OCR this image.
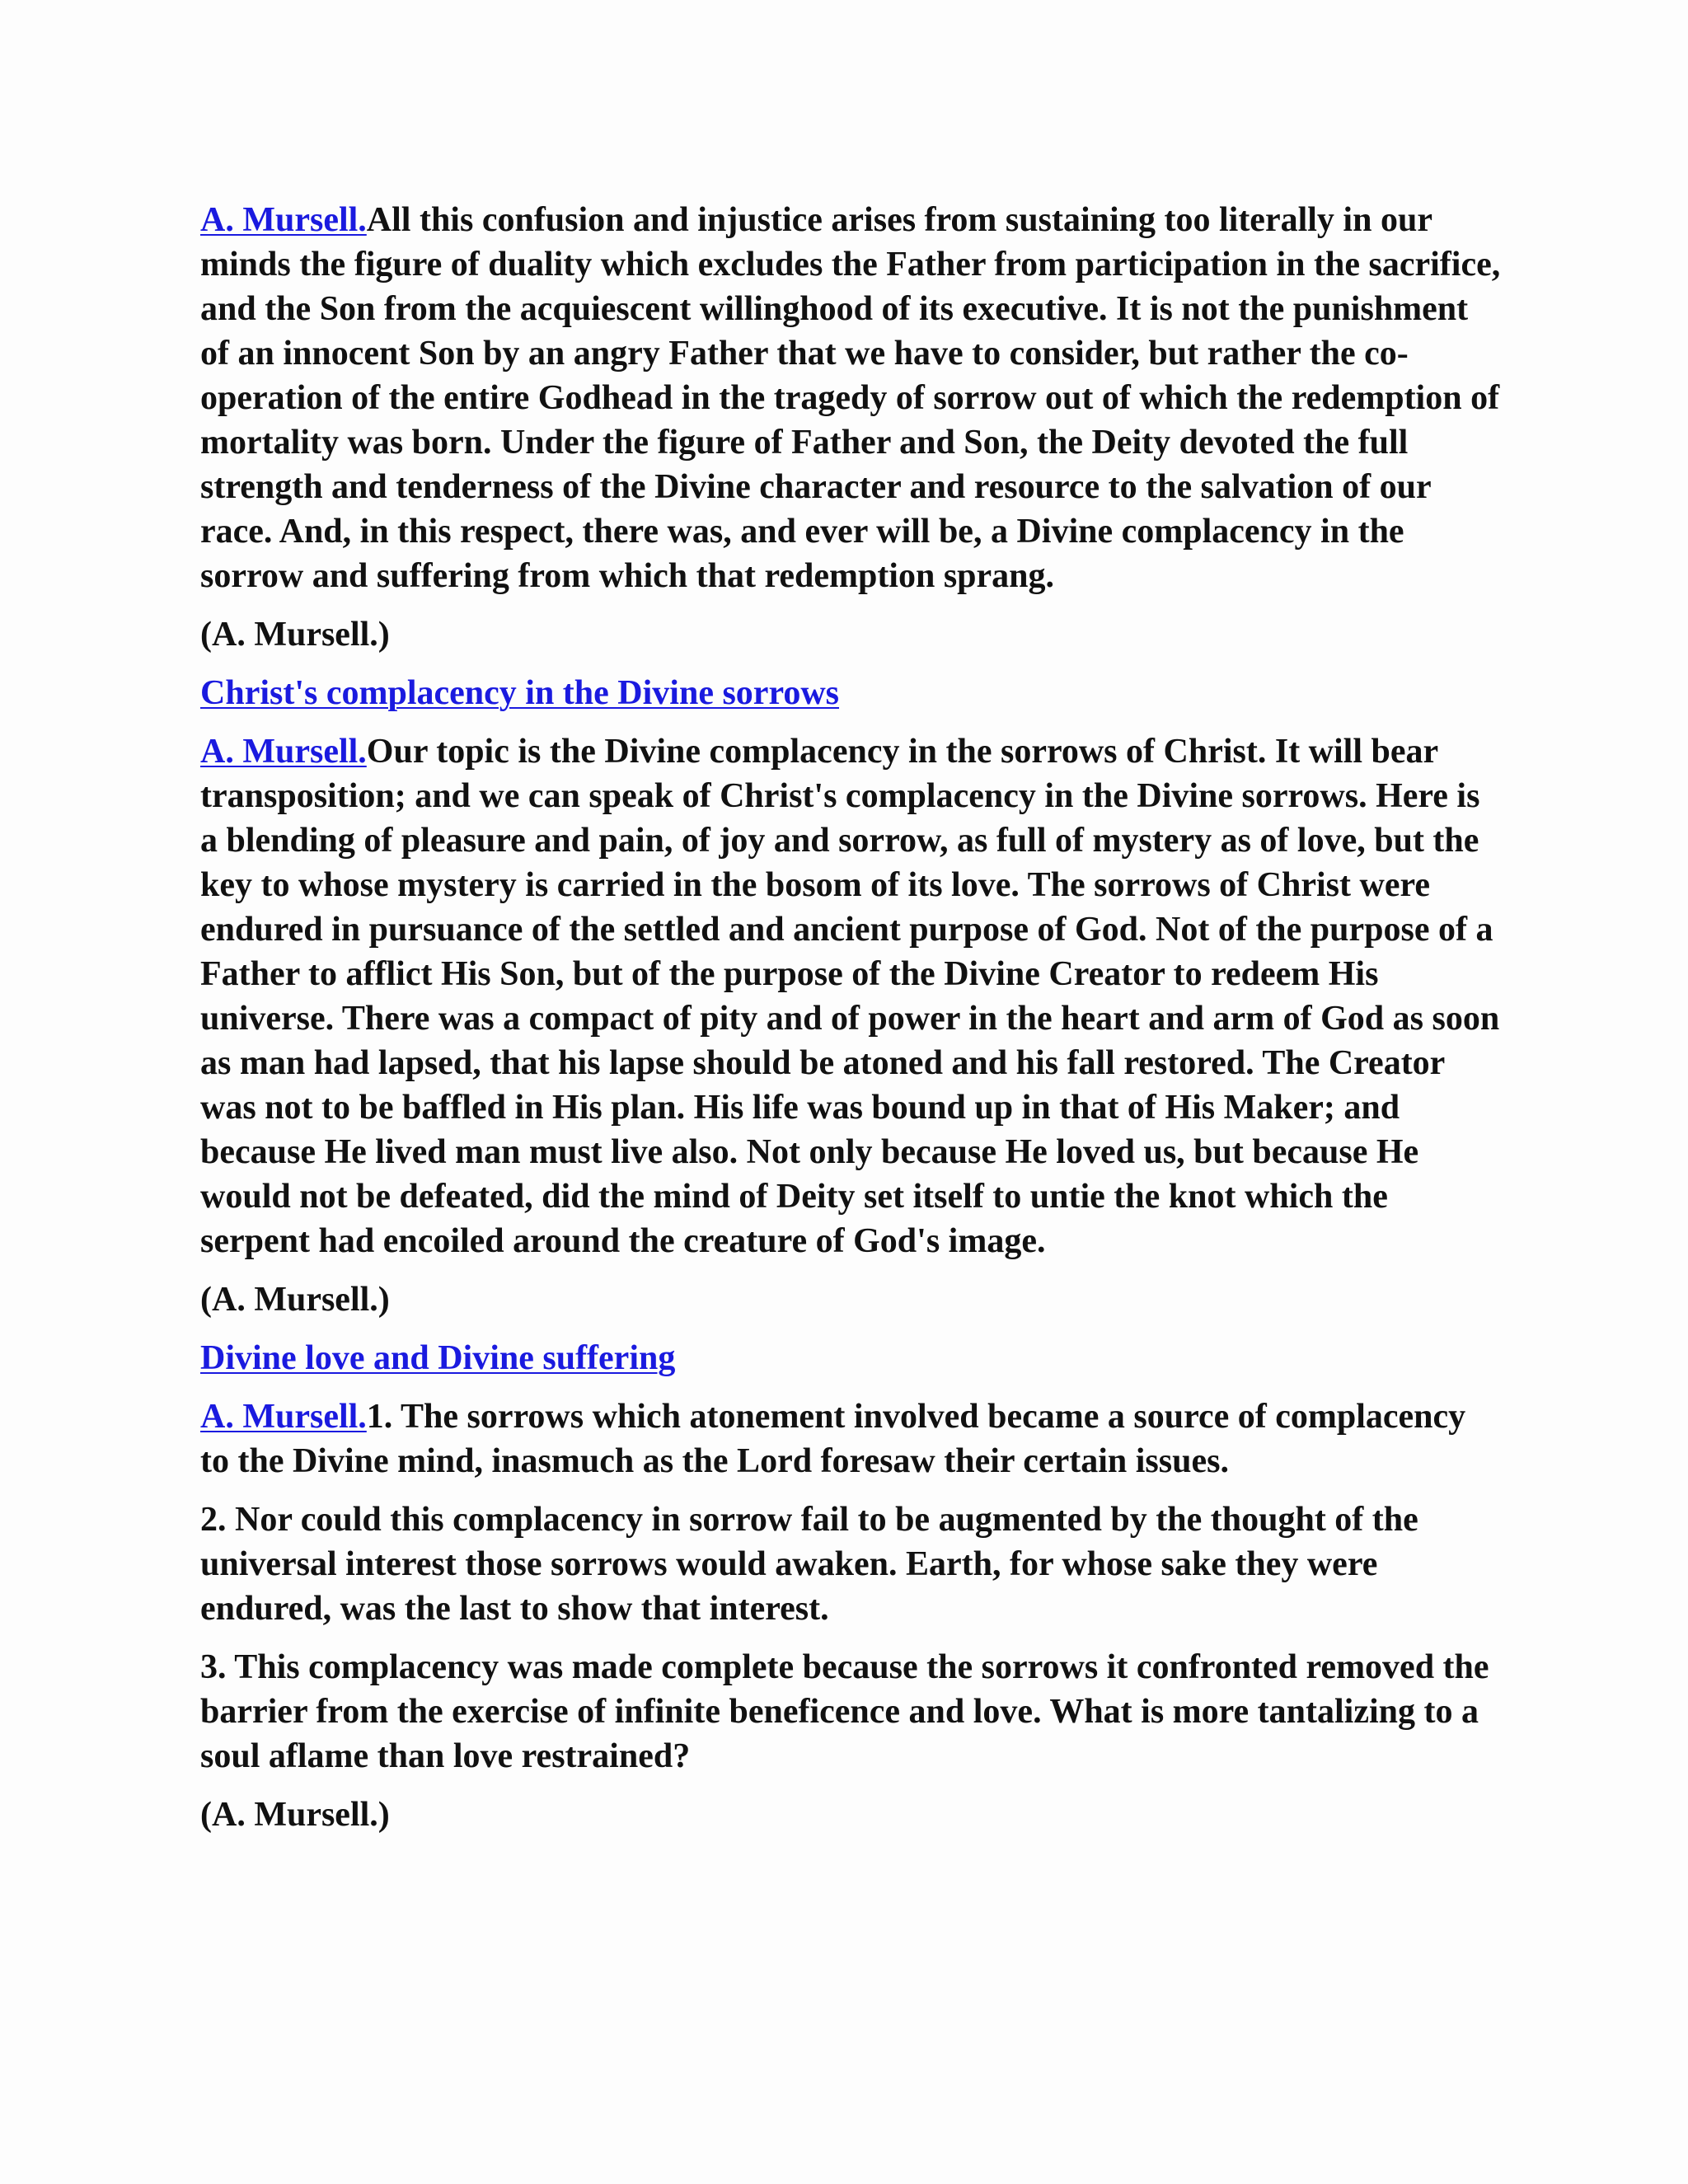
A. Mursell.All this confusion and injustice arises from sustaining too literally in our minds the figure of duality which excludes the Father from participation in the sacrifice, and the Son from the acquiescent willinghood of its executive. It is not the punishment of an innocent Son by an angry Father that we have to consider, but rather the co-operation of the entire Godhead in the tragedy of sorrow out of which the redemption of mortality was born. Under the figure of Father and Son, the Deity devoted the full strength and tenderness of the Divine character and resource to the salvation of our race. And, in this respect, there was, and ever will be, a Divine complacency in the sorrow and suffering from which that redemption sprang.

(A. Mursell.)

Christ's complacency in the Divine sorrows

A. Mursell.Our topic is the Divine complacency in the sorrows of Christ. It will bear transposition; and we can speak of Christ's complacency in the Divine sorrows. Here is a blending of pleasure and pain, of joy and sorrow, as full of mystery as of love, but the key to whose mystery is carried in the bosom of its love. The sorrows of Christ were endured in pursuance of the settled and ancient purpose of God. Not of the purpose of a Father to afflict His Son, but of the purpose of the Divine Creator to redeem His universe. There was a compact of pity and of power in the heart and arm of God as soon as man had lapsed, that his lapse should be atoned and his fall restored. The Creator was not to be baffled in His plan. His life was bound up in that of His Maker; and because He lived man must live also. Not only because He loved us, but because He would not be defeated, did the mind of Deity set itself to untie the knot which the serpent had encoiled around the creature of God's image.

(A. Mursell.)

Divine love and Divine suffering

A. Mursell.1. The sorrows which atonement involved became a source of complacency to the Divine mind, inasmuch as the Lord foresaw their certain issues.

2. Nor could this complacency in sorrow fail to be augmented by the thought of the universal interest those sorrows would awaken. Earth, for whose sake they were endured, was the last to show that interest.

3. This complacency was made complete because the sorrows it confronted removed the barrier from the exercise of infinite beneficence and love. What is more tantalizing to a soul aflame than love restrained?

(A. Mursell.)
